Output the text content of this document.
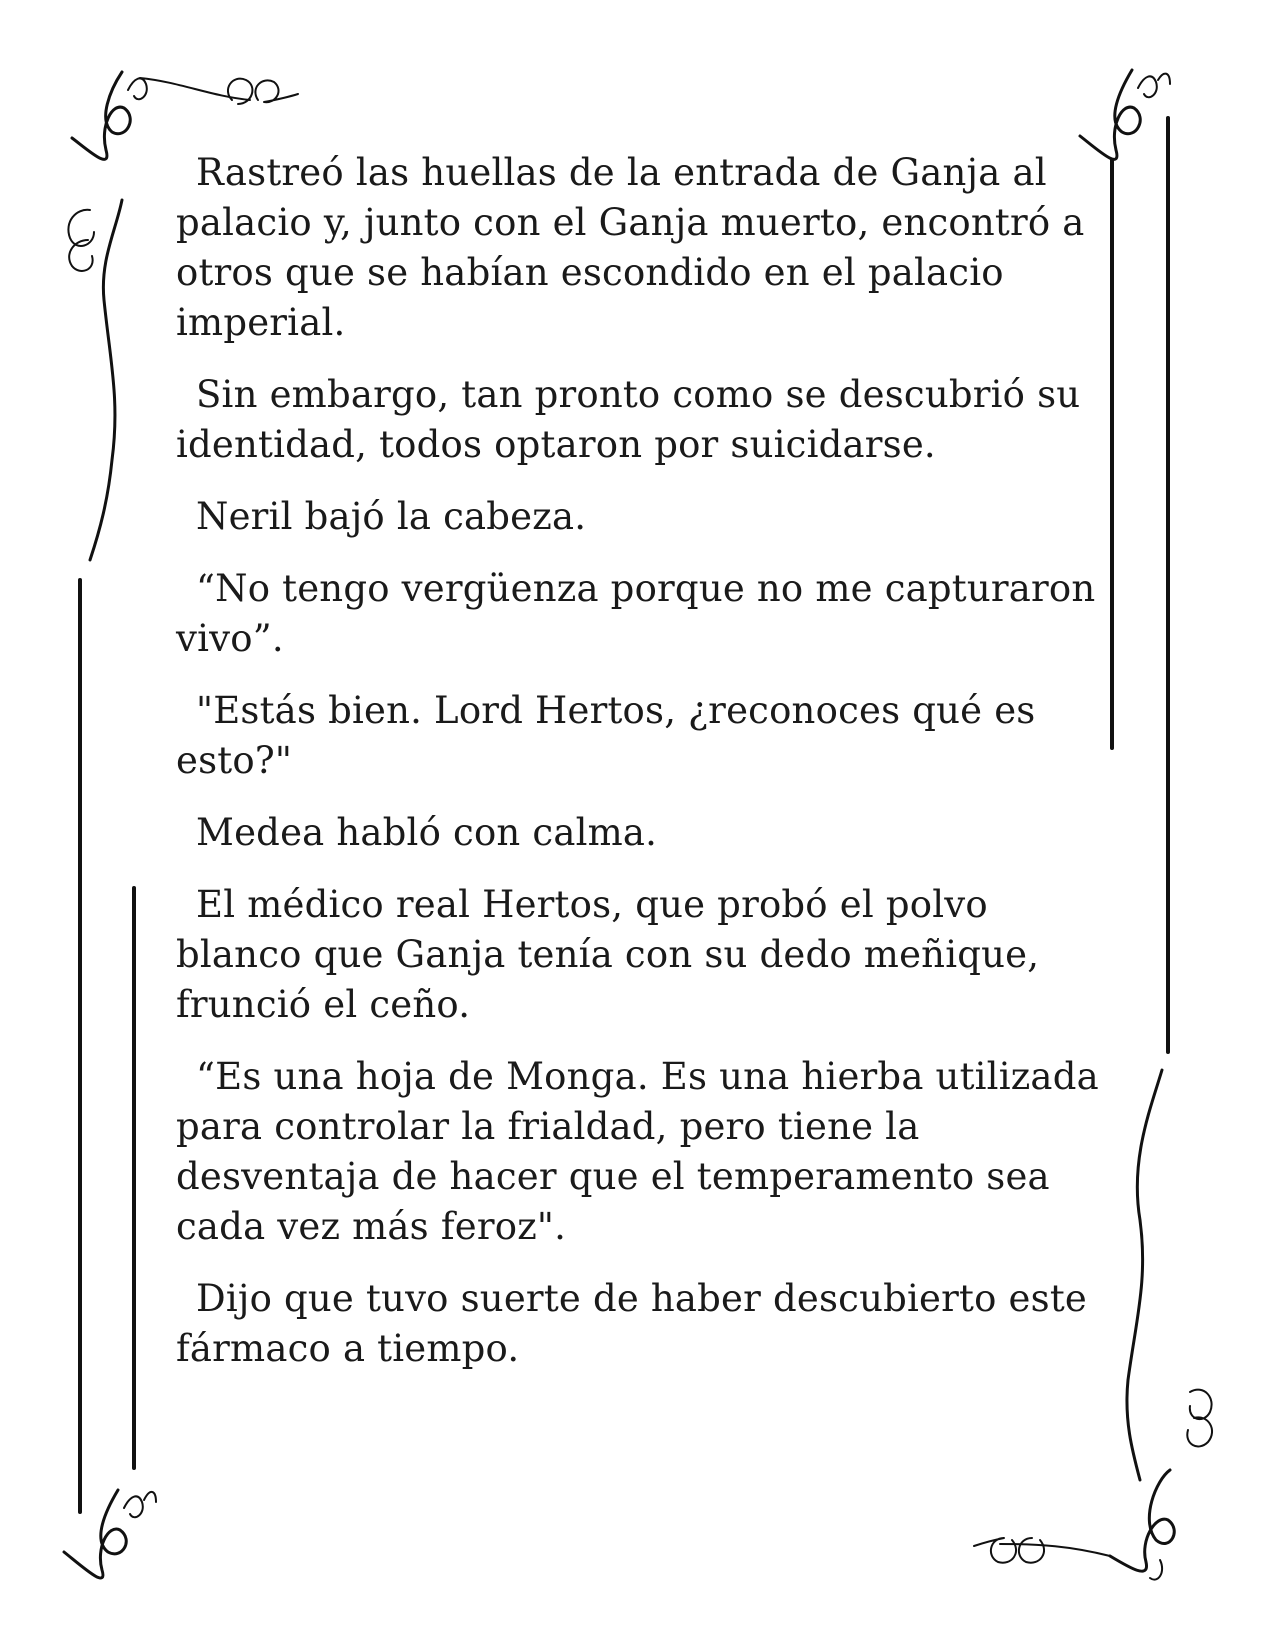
Rastreó las huellas de la entrada de Ganja al palacio y, junto con el Ganja muerto, encontró a otros que se habían escondido en el palacio imperial.

Sin embargo, tan pronto como se descubrió su identidad, todos optaron por suicidarse.

Neril bajó la cabeza.

“No tengo vergüenza porque no me capturaron vivo”.

"Estás bien. Lord Hertos, ¿reconoces qué es esto?"

Medea habló con calma.

El médico real Hertos, que probó el polvo blanco que Ganja tenía con su dedo meñique, frunció el ceño.

“Es una hoja de Monga. Es una hierba utilizada para controlar la frialdad, pero tiene la desventaja de hacer que el temperamento sea cada vez más feroz".

Dijo que tuvo suerte de haber descubierto este fármaco a tiempo.
